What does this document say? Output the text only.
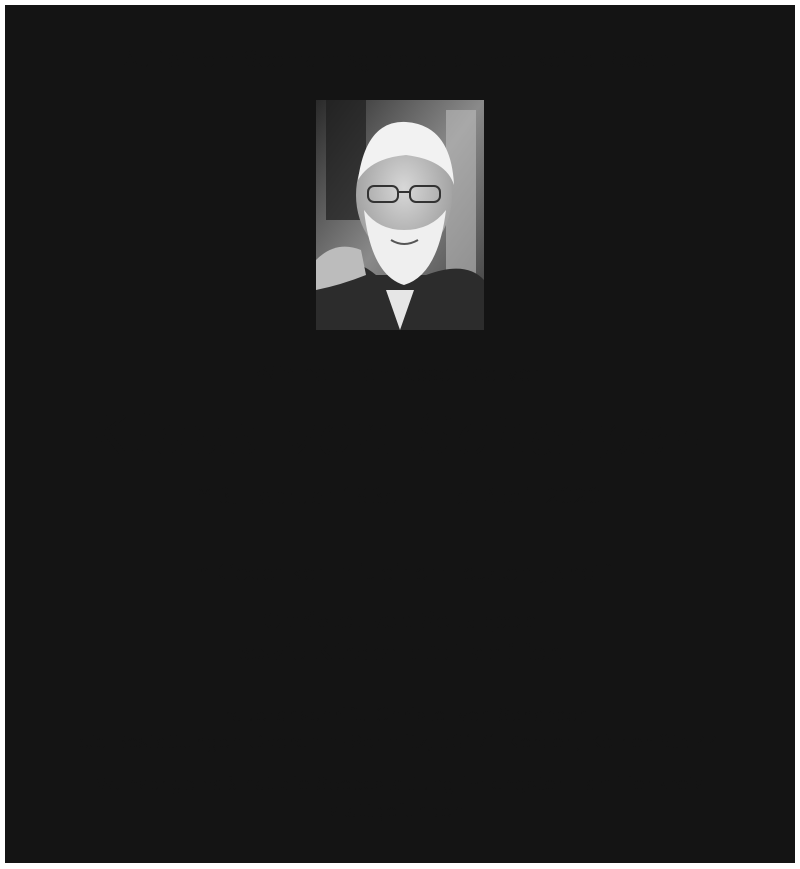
Auf einem Seemannsgrab da blühen keine Rosen.
Wir nehmen Abschied von
Klaus von Scharpen
* 3. Februar 1935 † 5. April 2020
In Gedenken mit einem letzten „Ahoi“
Christel von Scharpen
sowie Kinder mit Familien
Traueranschrift: Christel von Scharpen
c/o Bestattungen Oberemm-Schmitz, 50171 Kerpen, Kölner Str. 44
Wunschgemäß hat die Seebestattung im engsten Familienkreis
stattgefunden.
